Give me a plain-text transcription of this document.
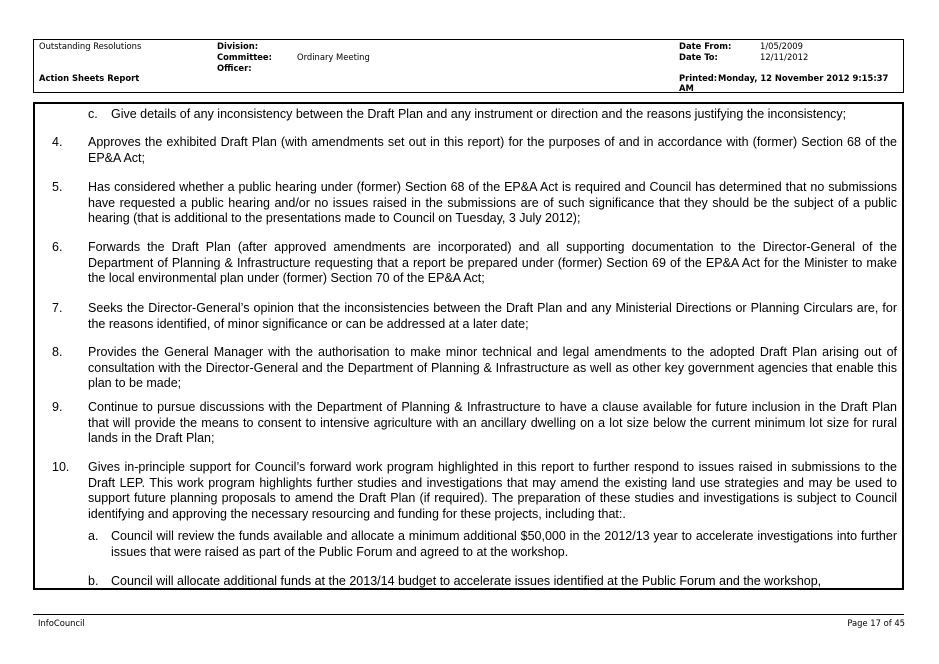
Outstanding Resolutions
Action Sheets Report
Division:
Committee:	Ordinary Meeting
Officer:
Date From:	1/05/2009
Date To:	12/11/2012
Printed: Monday, 12 November 2012 9:15:37
AM
c.	Give details of any inconsistency between the Draft Plan and any instrument or direction and the reasons justifying the inconsistency;
4.	Approves the exhibited Draft Plan (with amendments set out in this report) for the purposes of and in accordance with (former) Section 68 of the EP&A Act;
5.	Has considered whether a public hearing under (former) Section 68 of the EP&A Act is required and Council has determined that no submissions have requested a public hearing and/or no issues raised in the submissions are of such significance that they should be the subject of a public hearing (that is additional to the presentations made to Council on Tuesday, 3 July 2012);
6.	Forwards the Draft Plan (after approved amendments are incorporated) and all supporting documentation to the Director-General of the Department of Planning & Infrastructure requesting that a report be prepared under (former) Section 69 of the EP&A Act for the Minister to make the local environmental plan under (former) Section 70 of the EP&A Act;
7.	Seeks the Director-General’s opinion that the inconsistencies between the Draft Plan and any Ministerial Directions or Planning Circulars are, for the reasons identified, of minor significance or can be addressed at a later date;
8.	Provides the General Manager with the authorisation to make minor technical and legal amendments to the adopted Draft Plan arising out of consultation with the Director-General and the Department of Planning & Infrastructure as well as other key government agencies that enable this plan to be made;
9.	Continue to pursue discussions with the Department of Planning & Infrastructure to have a clause available for future inclusion in the Draft Plan that will provide the means to consent to intensive agriculture with an ancillary dwelling on a lot size below the current minimum lot size for rural lands in the Draft Plan;
10.	Gives in-principle support for Council’s forward work program highlighted in this report to further respond to issues raised in submissions to the Draft LEP. This work program highlights further studies and investigations that may amend the existing land use strategies and may be used to support future planning proposals to amend the Draft Plan (if required). The preparation of these studies and investigations is subject to Council identifying and approving the necessary resourcing and funding for these projects, including that:.
a.	Council will review the funds available and allocate a minimum additional $50,000 in the 2012/13 year to accelerate investigations into further issues that were raised as part of the Public Forum and agreed to at the workshop.
b.	Council will allocate additional funds at the 2013/14 budget to accelerate issues identified at the Public Forum and the workshop,
InfoCouncil	Page 17 of 45
